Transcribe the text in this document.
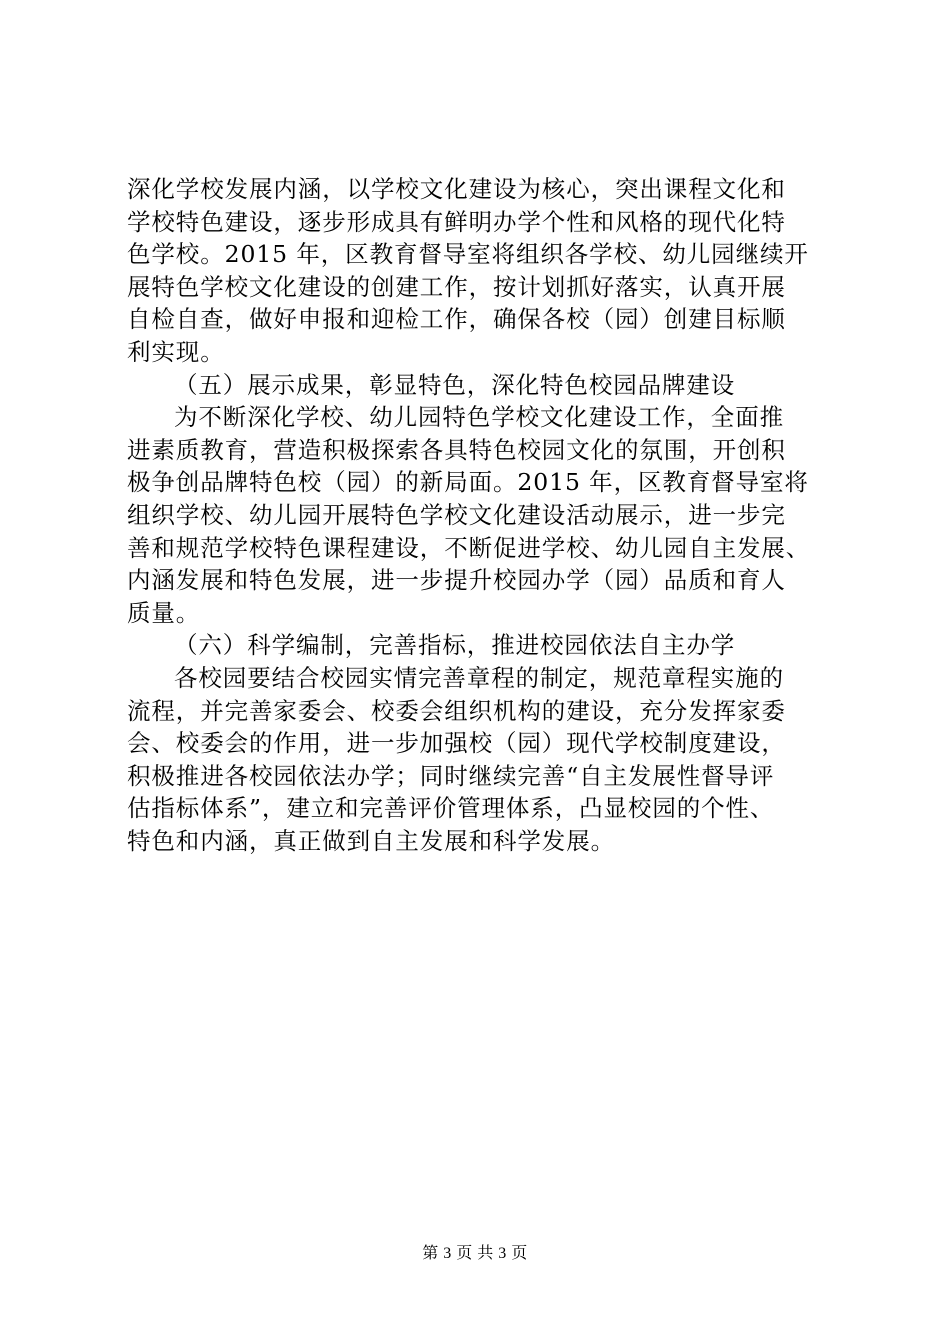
深化学校发展内涵，以学校文化建设为核心，突出课程文化和
学校特色建设，逐步形成具有鲜明办学个性和风格的现代化特
色学校。2015 年，区教育督导室将组织各学校、幼儿园继续开
展特色学校文化建设的创建工作，按计划抓好落实，认真开展
自检自查，做好申报和迎检工作，确保各校（园）创建目标顺
利实现。
（五）展示成果，彰显特色，深化特色校园品牌建设
为不断深化学校、幼儿园特色学校文化建设工作，全面推
进素质教育，营造积极探索各具特色校园文化的氛围，开创积
极争创品牌特色校（园）的新局面。2015 年，区教育督导室将
组织学校、幼儿园开展特色学校文化建设活动展示，进一步完
善和规范学校特色课程建设，不断促进学校、幼儿园自主发展、
内涵发展和特色发展，进一步提升校园办学（园）品质和育人
质量。
（六）科学编制，完善指标，推进校园依法自主办学
各校园要结合校园实情完善章程的制定，规范章程实施的
流程，并完善家委会、校委会组织机构的建设，充分发挥家委
会、校委会的作用，进一步加强校（园）现代学校制度建设，
积极推进各校园依法办学；同时继续完善“自主发展性督导评
估指标体系”，建立和完善评价管理体系，凸显校园的个性、
特色和内涵，真正做到自主发展和科学发展。
第 3 页 共 3 页
